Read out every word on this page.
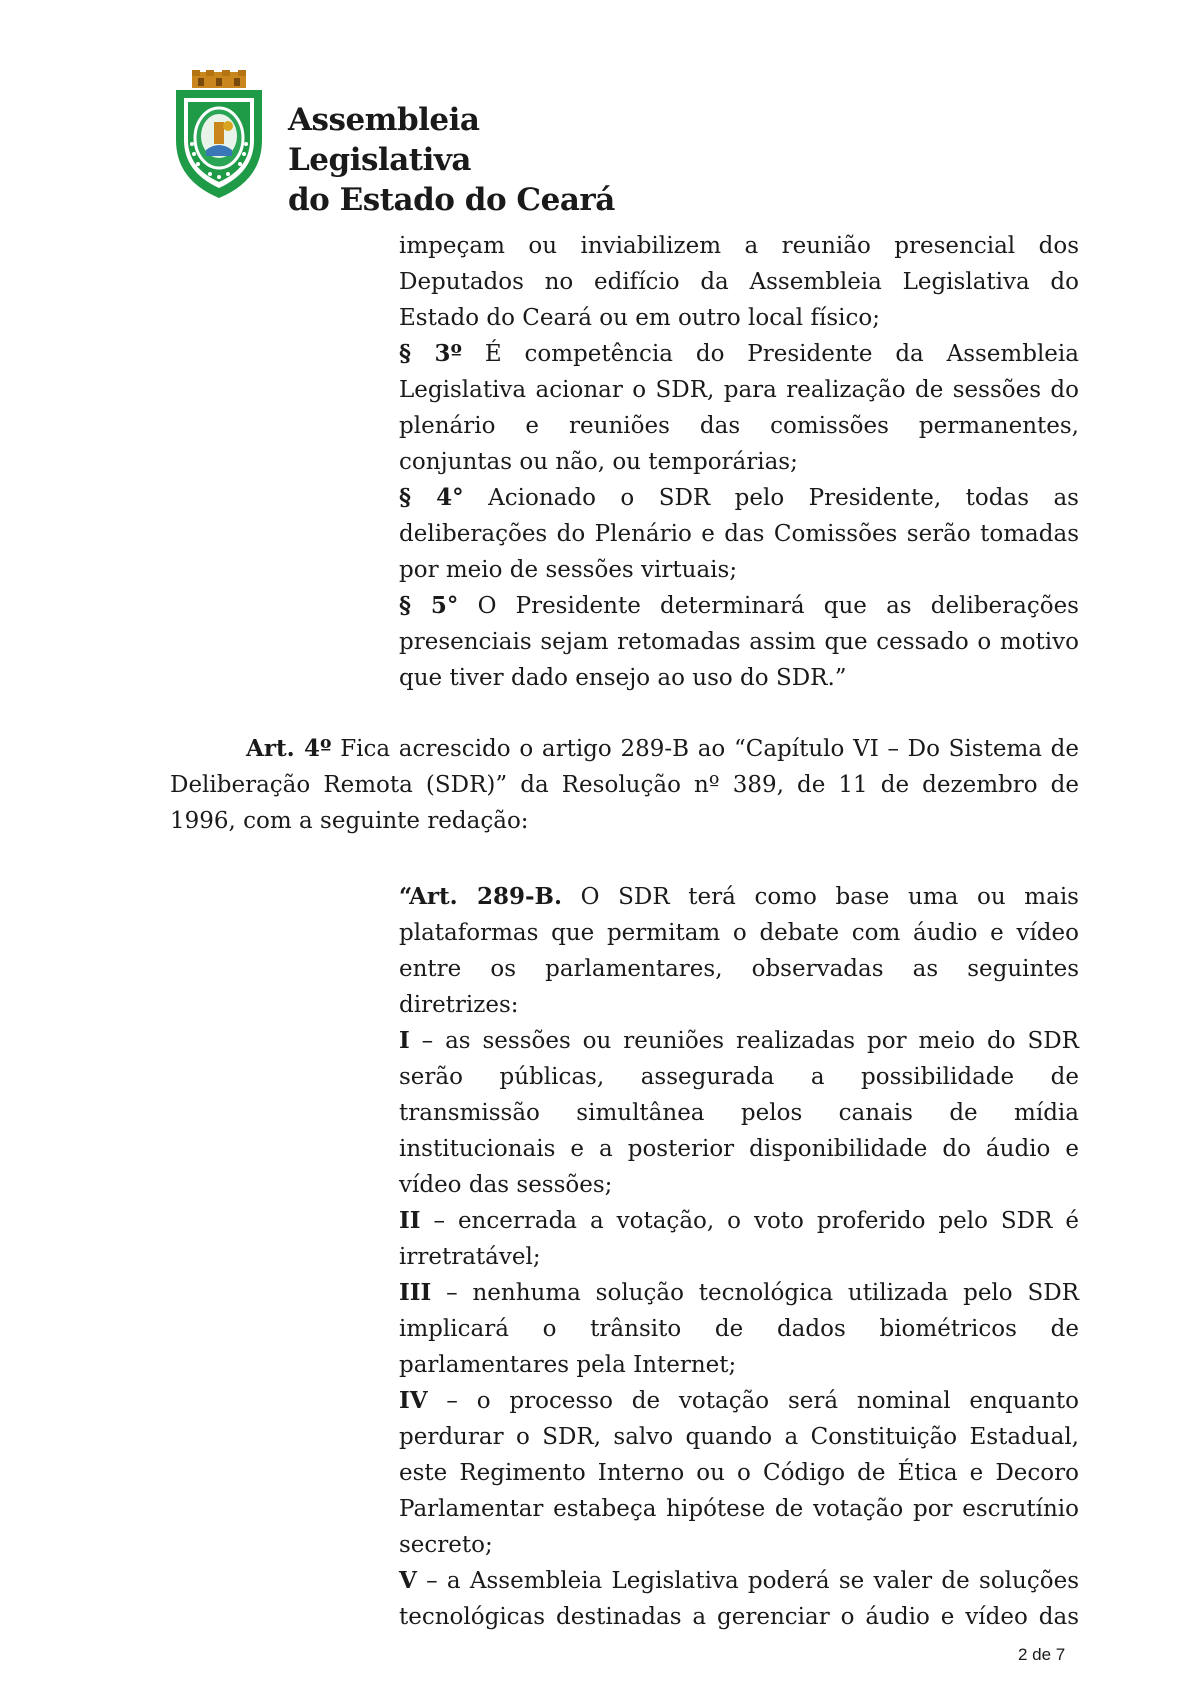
Assembleia Legislativa
do Estado do Ceará

impeçam ou inviabilizem a reunião presencial dos Deputados no edifício da Assembleia Legislativa do Estado do Ceará ou em outro local físico;

§ 3º É competência do Presidente da Assembleia Legislativa acionar o SDR, para realização de sessões do plenário e reuniões das comissões permanentes, conjuntas ou não, ou temporárias;

§ 4° Acionado o SDR pelo Presidente, todas as deliberações do Plenário e das Comissões serão tomadas por meio de sessões virtuais;

§ 5° O Presidente determinará que as deliberações presenciais sejam retomadas assim que cessado o motivo que tiver dado ensejo ao uso do SDR.”

Art. 4º Fica acrescido o artigo 289-B ao “Capítulo VI – Do Sistema de Deliberação Remota (SDR)” da Resolução nº 389, de 11 de dezembro de 1996, com a seguinte redação:

“Art. 289-B. O SDR terá como base uma ou mais plataformas que permitam o debate com áudio e vídeo entre os parlamentares, observadas as seguintes diretrizes:

I – as sessões ou reuniões realizadas por meio do SDR serão públicas, assegurada a possibilidade de transmissão simultânea pelos canais de mídia institucionais e a posterior disponibilidade do áudio e vídeo das sessões;

II – encerrada a votação, o voto proferido pelo SDR é irretratável;

III – nenhuma solução tecnológica utilizada pelo SDR implicará o trânsito de dados biométricos de parlamentares pela Internet;

IV – o processo de votação será nominal enquanto perdurar o SDR, salvo quando a Constituição Estadual, este Regimento Interno ou o Código de Ética e Decoro Parlamentar estabeça hipótese de votação por escrutínio secreto;

V – a Assembleia Legislativa poderá se valer de soluções tecnológicas destinadas a gerenciar o áudio e vídeo das

2 de 7
